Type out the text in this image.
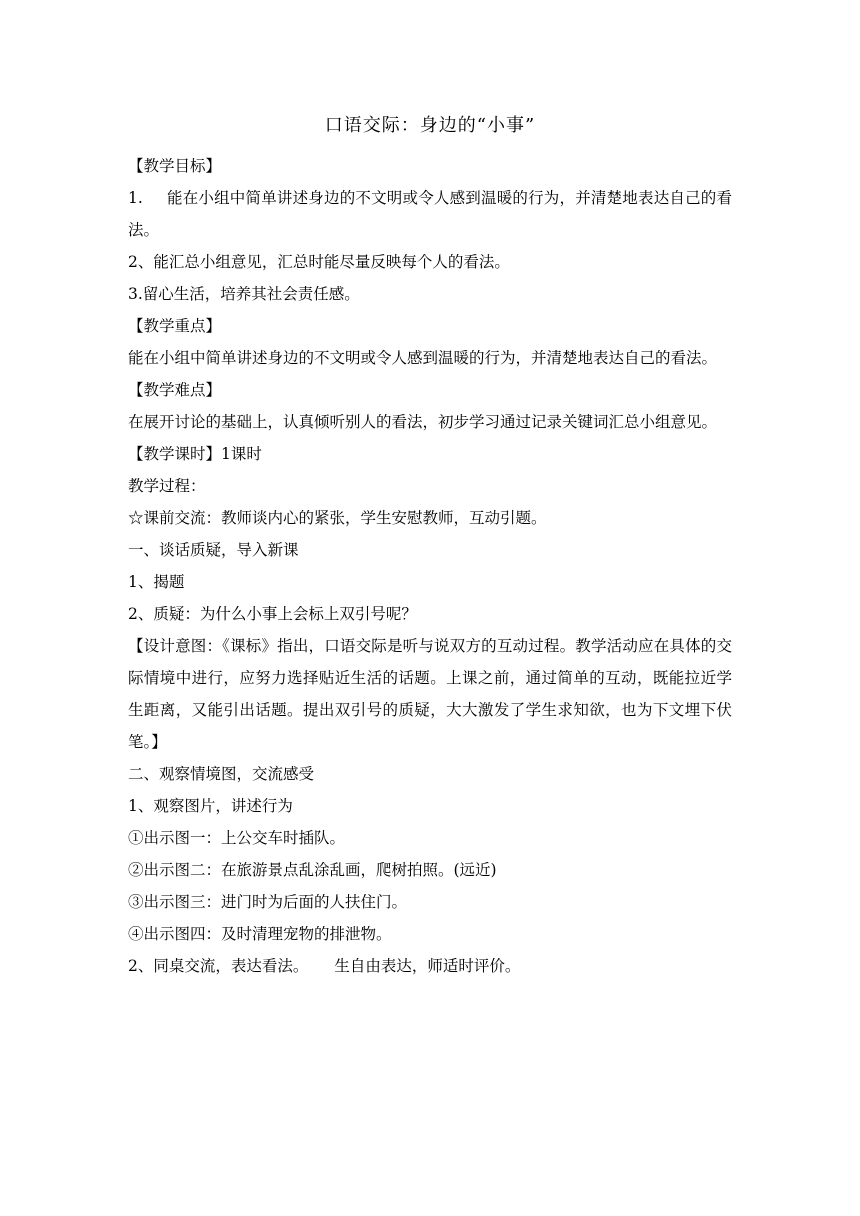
口语交际：身边的“小事”
【教学目标】
1. 能在小组中简单讲述身边的不文明或令人感到温暖的行为，并清楚地表达自己的看法。
2、能汇总小组意见，汇总时能尽量反映每个人的看法。
3.留心生活，培养其社会责任感。
【教学重点】
能在小组中简单讲述身边的不文明或令人感到温暖的行为，并清楚地表达自己的看法。
【教学难点】
在展开讨论的基础上，认真倾听别人的看法，初步学习通过记录关键词汇总小组意见。
【教学课时】1课时
教学过程：
☆课前交流：教师谈内心的紧张，学生安慰教师，互动引题。
一、谈话质疑，导入新课
1、揭题
2、质疑：为什么小事上会标上双引号呢？
【设计意图：《课标》指出，口语交际是听与说双方的互动过程。教学活动应在具体的交际情境中进行，应努力选择贴近生活的话题。上课之前，通过简单的互动，既能拉近学生距离，又能引出话题。提出双引号的质疑，大大激发了学生求知欲，也为下文埋下伏笔。】
二、观察情境图，交流感受
1、观察图片，讲述行为
①出示图一：上公交车时插队。
②出示图二：在旅游景点乱涂乱画，爬树拍照。(远近)
③出示图三：进门时为后面的人扶住门。
④出示图四：及时清理宠物的排泄物。
2、同桌交流，表达看法。 生自由表达，师适时评价。
